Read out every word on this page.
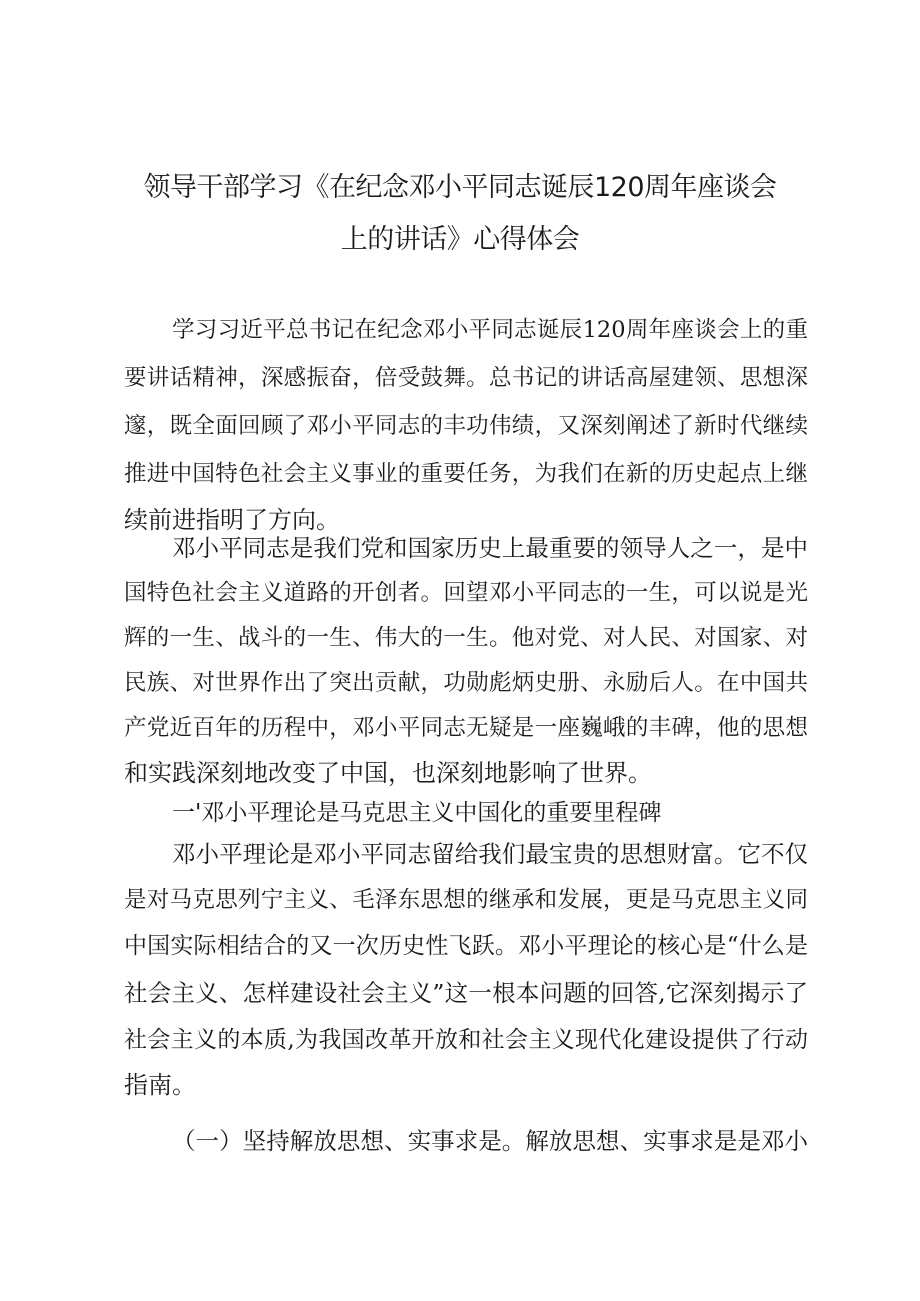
领导干部学习《在纪念邓小平同志诞辰120周年座谈会
上的讲话》心得体会

学习习近平总书记在纪念邓小平同志诞辰120周年座谈会上的重

要讲话精神，深感振奋，倍受鼓舞。总书记的讲话高屋建领、思想深

邃，既全面回顾了邓小平同志的丰功伟绩，又深刻阐述了新时代继续

推进中国特色社会主义事业的重要任务，为我们在新的历史起点上继

续前进指明了方向。

邓小平同志是我们党和国家历史上最重要的领导人之一，是中

国特色社会主义道路的开创者。回望邓小平同志的一生，可以说是光

辉的一生、战斗的一生、伟大的一生。他对党、对人民、对国家、对

民族、对世界作出了突出贡献，功勋彪炳史册、永励后人。在中国共

产党近百年的历程中，邓小平同志无疑是一座巍峨的丰碑，他的思想

和实践深刻地改变了中国，也深刻地影响了世界。

一'邓小平理论是马克思主义中国化的重要里程碑

邓小平理论是邓小平同志留给我们最宝贵的思想财富。它不仅

是对马克思列宁主义、毛泽东思想的继承和发展，更是马克思主义同

中国实际相结合的又一次历史性飞跃。邓小平理论的核心是“什么是

社会主义、怎样建设社会主义”这一根本问题的回答,它深刻揭示了

社会主义的本质,为我国改革开放和社会主义现代化建设提供了行动

指南。

（一）坚持解放思想、实事求是。解放思想、实事求是是邓小
